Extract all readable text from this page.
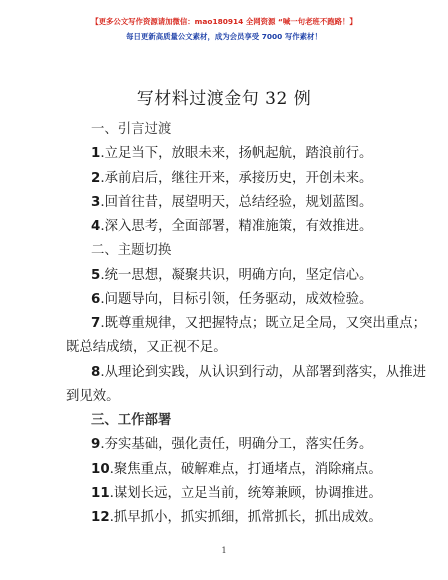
【更多公文写作资源请加微信：mao180914 全网资源 “喊一句老班不跑路！】
每日更新高质量公文素材，成为会员享受 7000 写作素材！
写材料过渡金句 32 例
一、引言过渡
1.立足当下，放眼未来，扬帆起航，踏浪前行。
2.承前启后，继往开来，承接历史，开创未来。
3.回首往昔，展望明天，总结经验，规划蓝图。
4.深入思考，全面部署，精准施策，有效推进。
二、主题切换
5.统一思想，凝聚共识，明确方向，坚定信心。
6.问题导向，目标引领，任务驱动，成效检验。
7.既尊重规律，又把握特点；既立足全局，又突出重点；
既总结成绩，又正视不足。
8.从理论到实践，从认识到行动，从部署到落实，从推进
到见效。
三、工作部署
9.夯实基础，强化责任，明确分工，落实任务。
10.聚焦重点，破解难点，打通堵点，消除痛点。
11.谋划长远，立足当前，统筹兼顾，协调推进。
12.抓早抓小，抓实抓细，抓常抓长，抓出成效。
1
